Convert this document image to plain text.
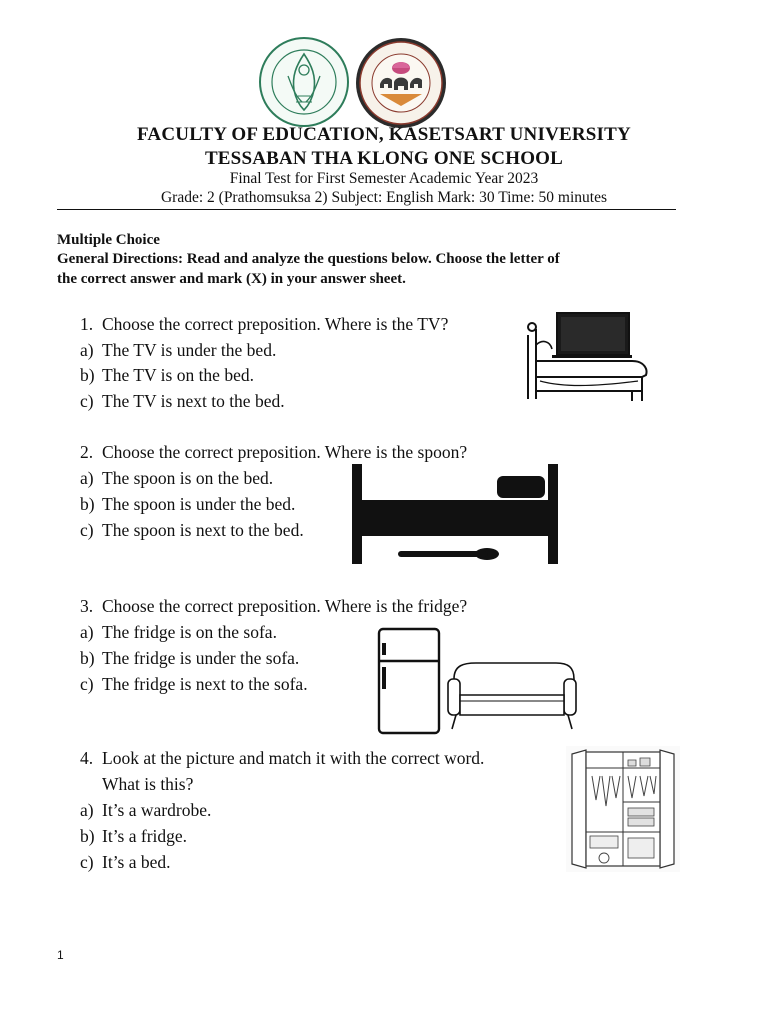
FACULTY OF EDUCATION, KASETSART UNIVERSITY
TESSABAN THA KLONG ONE SCHOOL
Final Test for First Semester Academic Year 2023
Grade: 2 (Prathomsuksa 2) Subject: English Mark: 30 Time: 50 minutes
Multiple Choice
General Directions: Read and analyze the questions below. Choose the letter of
the correct answer and mark (X) in your answer sheet.
1. Choose the correct preposition. Where is the TV?
a) The TV is under the bed.
b) The TV is on the bed.
c) The TV is next to the bed.
2. Choose the correct preposition. Where is the spoon?
a) The spoon is on the bed.
b) The spoon is under the bed.
c) The spoon is next to the bed.
3. Choose the correct preposition. Where is the fridge?
a) The fridge is on the sofa.
b) The fridge is under the sofa.
c) The fridge is next to the sofa.
4. Look at the picture and match it with the correct word.
What is this?
a) It’s a wardrobe.
b) It’s a fridge.
c) It’s a bed.
1
